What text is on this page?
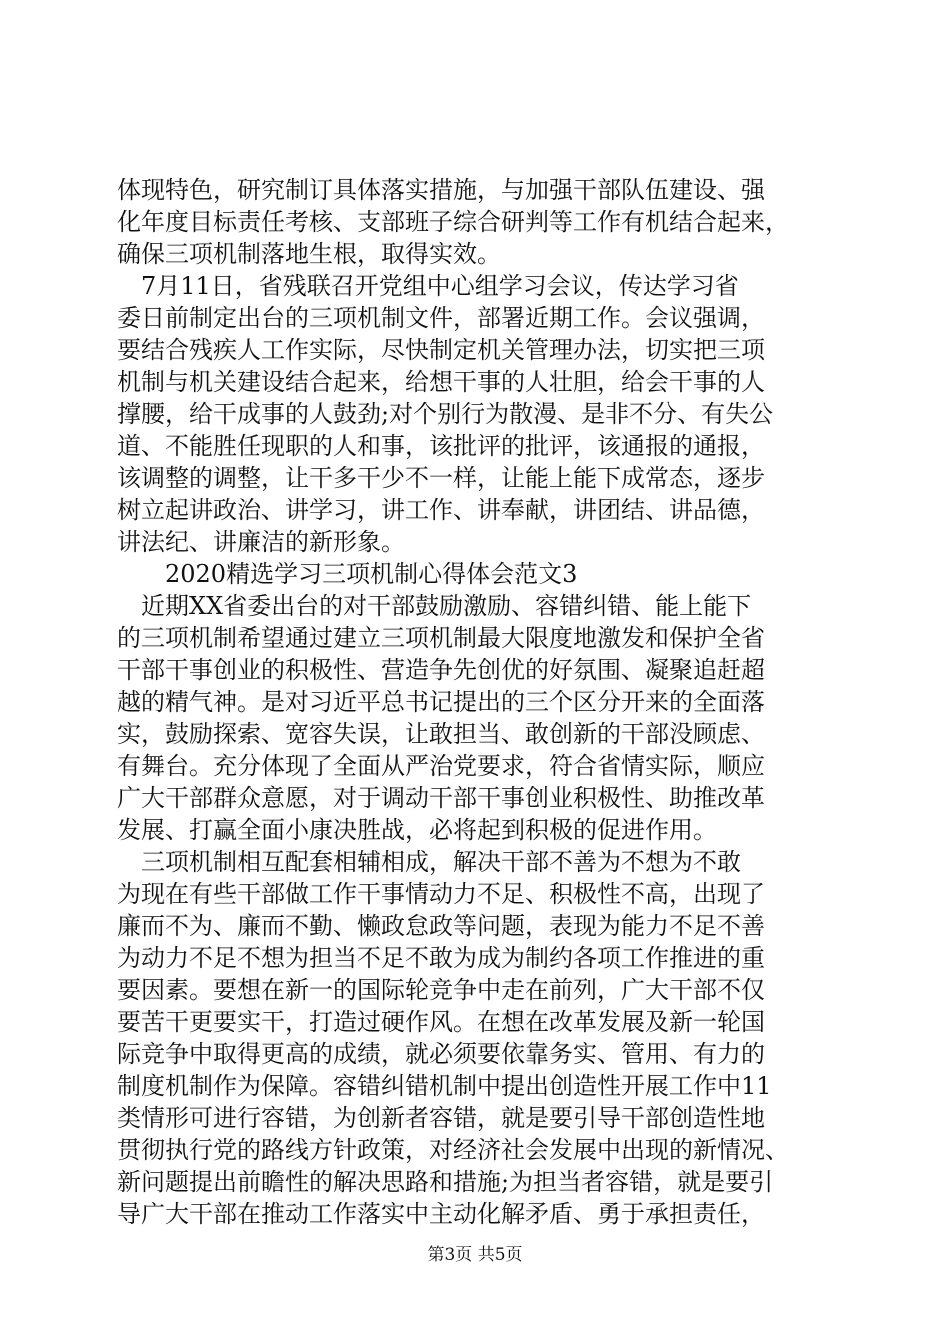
体现特色，研究制订具体落实措施，与加强干部队伍建设、强
化年度目标责任考核、支部班子综合研判等工作有机结合起来，
确保三项机制落地生根，取得实效。
　7月11日，省残联召开党组中心组学习会议，传达学习省
委日前制定出台的三项机制文件，部署近期工作。会议强调，
要结合残疾人工作实际，尽快制定机关管理办法，切实把三项
机制与机关建设结合起来，给想干事的人壮胆，给会干事的人
撑腰，给干成事的人鼓劲;对个别行为散漫、是非不分、有失公
道、不能胜任现职的人和事，该批评的批评，该通报的通报，
该调整的调整，让干多干少不一样，让能上能下成常态，逐步
树立起讲政治、讲学习，讲工作、讲奉献，讲团结、讲品德，
讲法纪、讲廉洁的新形象。
　　2020精选学习三项机制心得体会范文3
　近期XX省委出台的对干部鼓励激励、容错纠错、能上能下
的三项机制希望通过建立三项机制最大限度地激发和保护全省
干部干事创业的积极性、营造争先创优的好氛围、凝聚追赶超
越的精气神。是对习近平总书记提出的三个区分开来的全面落
实，鼓励探索、宽容失误，让敢担当、敢创新的干部没顾虑、
有舞台。充分体现了全面从严治党要求，符合省情实际，顺应
广大干部群众意愿，对于调动干部干事创业积极性、助推改革
发展、打赢全面小康决胜战，必将起到积极的促进作用。
　三项机制相互配套相辅相成，解决干部不善为不想为不敢
为现在有些干部做工作干事情动力不足、积极性不高，出现了
廉而不为、廉而不勤、懒政怠政等问题，表现为能力不足不善
为动力不足不想为担当不足不敢为成为制约各项工作推进的重
要因素。要想在新一的国际轮竞争中走在前列，广大干部不仅
要苦干更要实干，打造过硬作风。在想在改革发展及新一轮国
际竞争中取得更高的成绩，就必须要依靠务实、管用、有力的
制度机制作为保障。容错纠错机制中提出创造性开展工作中11
类情形可进行容错，为创新者容错，就是要引导干部创造性地
贯彻执行党的路线方针政策，对经济社会发展中出现的新情况、
新问题提出前瞻性的解决思路和措施;为担当者容错，就是要引
导广大干部在推动工作落实中主动化解矛盾、勇于承担责任，
第3页 共5页
